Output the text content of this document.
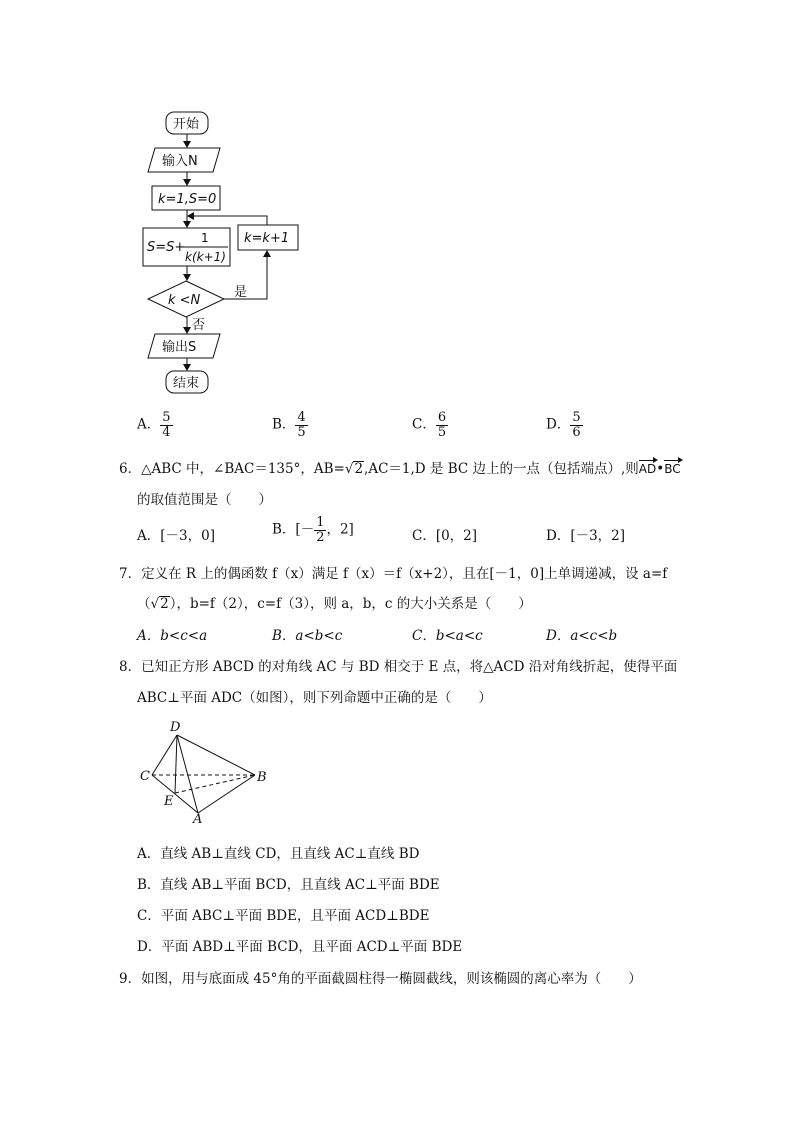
开始
输入N
k=1,S=0
S=S+
1
k(k+1)
k=k+1
k <N
是
否
输出S
结束
A． $\frac{5}{4}$	B． $\frac{4}{5}$	C． $\frac{6}{5}$	D． $\frac{5}{6}$
6．△ABC 中，∠BAC＝135°，AB=√2,AC＝1,D 是 BC 边上的一点（包括端点）,则AD•BC
的取值范围是（　　）
A．[－3，0]	B．[－ $\frac{1}{2}$ ，2]	C．[0，2]	D．[－3，2]
7．定义在 R 上的偶函数 f（x）满足 f（x）＝f（x+2），且在[－1，0]上单调递减，设 a=f
（√2），b=f（2），c=f（3），则 a，b，c 的大小关系是（　　）
A．b<c<a	B．a<b<c	C．b<a<c	D．a<c<b
8．已知正方形 ABCD 的对角线 AC 与 BD 相交于 E 点，将△ACD 沿对角线折起，使得平面
ABC⊥平面 ADC（如图），则下列命题中正确的是（　　）
D
C	B
E
A
A．直线 AB⊥直线 CD，且直线 AC⊥直线 BD
B．直线 AB⊥平面 BCD，且直线 AC⊥平面 BDE
C．平面 ABC⊥平面 BDE，且平面 ACD⊥BDE
D．平面 ABD⊥平面 BCD，且平面 ACD⊥平面 BDE
9．如图，用与底面成 45°角的平面截圆柱得一椭圆截线，则该椭圆的离心率为（　　）
